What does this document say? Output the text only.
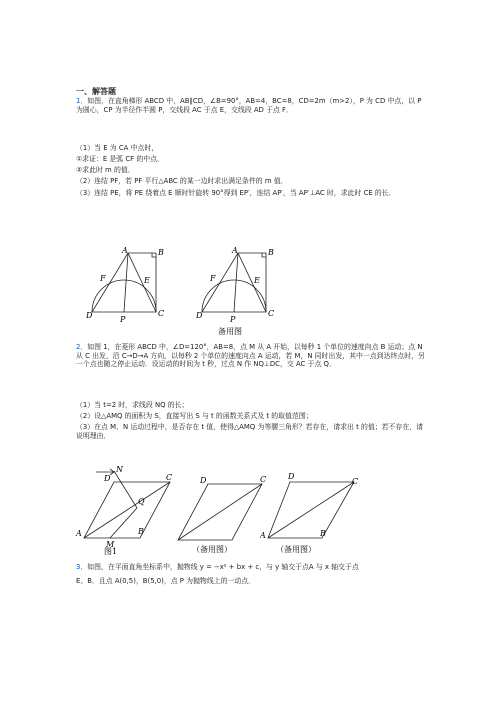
一、解答题

1．如图，在直角梯形 ABCD 中，AB∥CD，∠B=90°，AB=4，BC=8，CD=2m（m>2），P 为 CD 中点，以 P 为圆心，CP 为半径作半圆 P，交线段 AC 于点 E，交线段 AD 于点 F．

（1）当 E 为 CA 中点时，

①求证：E 是弧 CF 的中点．

②求此时 m 的值．

（2）连结 PF，若 PF 平行△ABC 的某一边时求出满足条件的 m 值．

（3）连结 PE，将 PE 绕着点 E 顺时针旋转 90°得到 EP′，连结 AP′，当 AP′⊥AC 时，求此时 CE 的长．

A	B
F	E
D	P
C
A	B
F	E
D	P
C
备用图

2．如图 1，在菱形 ABCD 中，∠D=120°，AB=8，点 M 从 A 开始，以每秒 1 个单位的速度向点 B 运动；点 N 从 C 出发，沿 C→D→A 方向，以每秒 2 个单位的速度向点 A 运动，若 M，N 同时出发，其中一点到达终点时，另一个点也随之停止运动．设运动的时间为 t 秒，过点 N 作 NQ⊥DC，交 AC 于点 Q．

（1）当 t=2 时，求线段 NQ 的长；

（2）设△AMQ 的面积为 S，直接写出 S 与 t 的函数关系式及 t 的取值范围；

（3）在点 M、N 运动过程中，是否存在 t 值，使得△AMQ 为等腰三角形？若存在，请求出 t 的值；若不存在，请说明理由．

D
N
C
Q
A
M
B
图1
D	C
（备用图）
D
C
A	B
（备用图）

3．如图，在平面直角坐标系中，抛物线 y = −x² + bx + c，与 y 轴交于点A 与 x 轴交于点

E、B．且点 A(0,5)，B(5,0)，点 P 为抛物线上的一动点．
